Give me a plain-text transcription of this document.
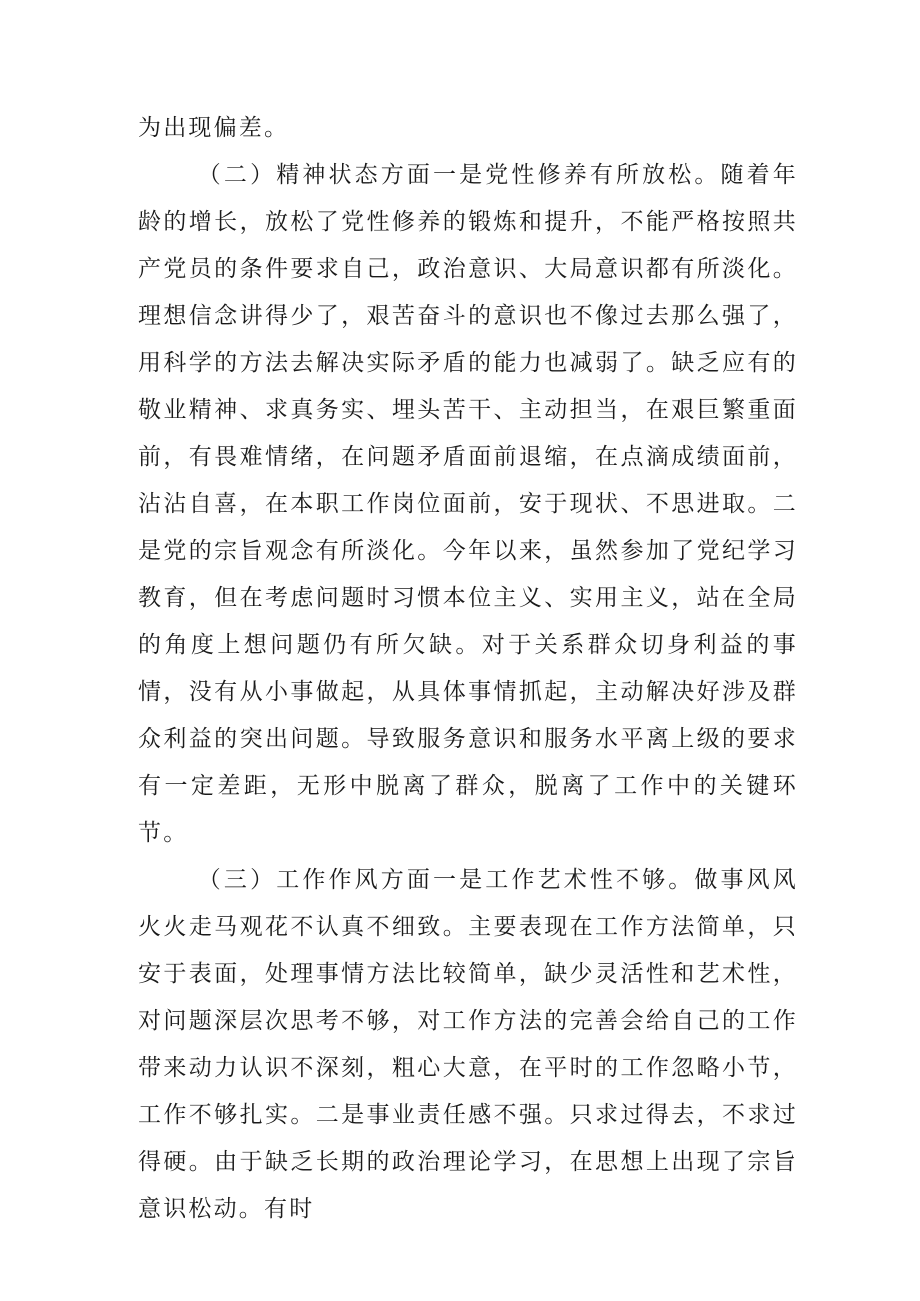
为出现偏差。

（二）精神状态方面一是党性修养有所放松。随着年龄的增长，放松了党性修养的锻炼和提升，不能严格按照共产党员的条件要求自己，政治意识、大局意识都有所淡化。理想信念讲得少了，艰苦奋斗的意识也不像过去那么强了，用科学的方法去解决实际矛盾的能力也减弱了。缺乏应有的敬业精神、求真务实、埋头苦干、主动担当，在艰巨繁重面前，有畏难情绪，在问题矛盾面前退缩，在点滴成绩面前，沾沾自喜，在本职工作岗位面前，安于现状、不思进取。二是党的宗旨观念有所淡化。今年以来，虽然参加了党纪学习教育，但在考虑问题时习惯本位主义、实用主义，站在全局的角度上想问题仍有所欠缺。对于关系群众切身利益的事情，没有从小事做起，从具体事情抓起，主动解决好涉及群众利益的突出问题。导致服务意识和服务水平离上级的要求有一定差距，无形中脱离了群众，脱离了工作中的关键环节。

（三）工作作风方面一是工作艺术性不够。做事风风火火走马观花不认真不细致。主要表现在工作方法简单，只安于表面，处理事情方法比较简单，缺少灵活性和艺术性，对问题深层次思考不够，对工作方法的完善会给自己的工作带来动力认识不深刻，粗心大意，在平时的工作忽略小节，工作不够扎实。二是事业责任感不强。只求过得去，不求过得硬。由于缺乏长期的政治理论学习，在思想上出现了宗旨意识松动。有时
